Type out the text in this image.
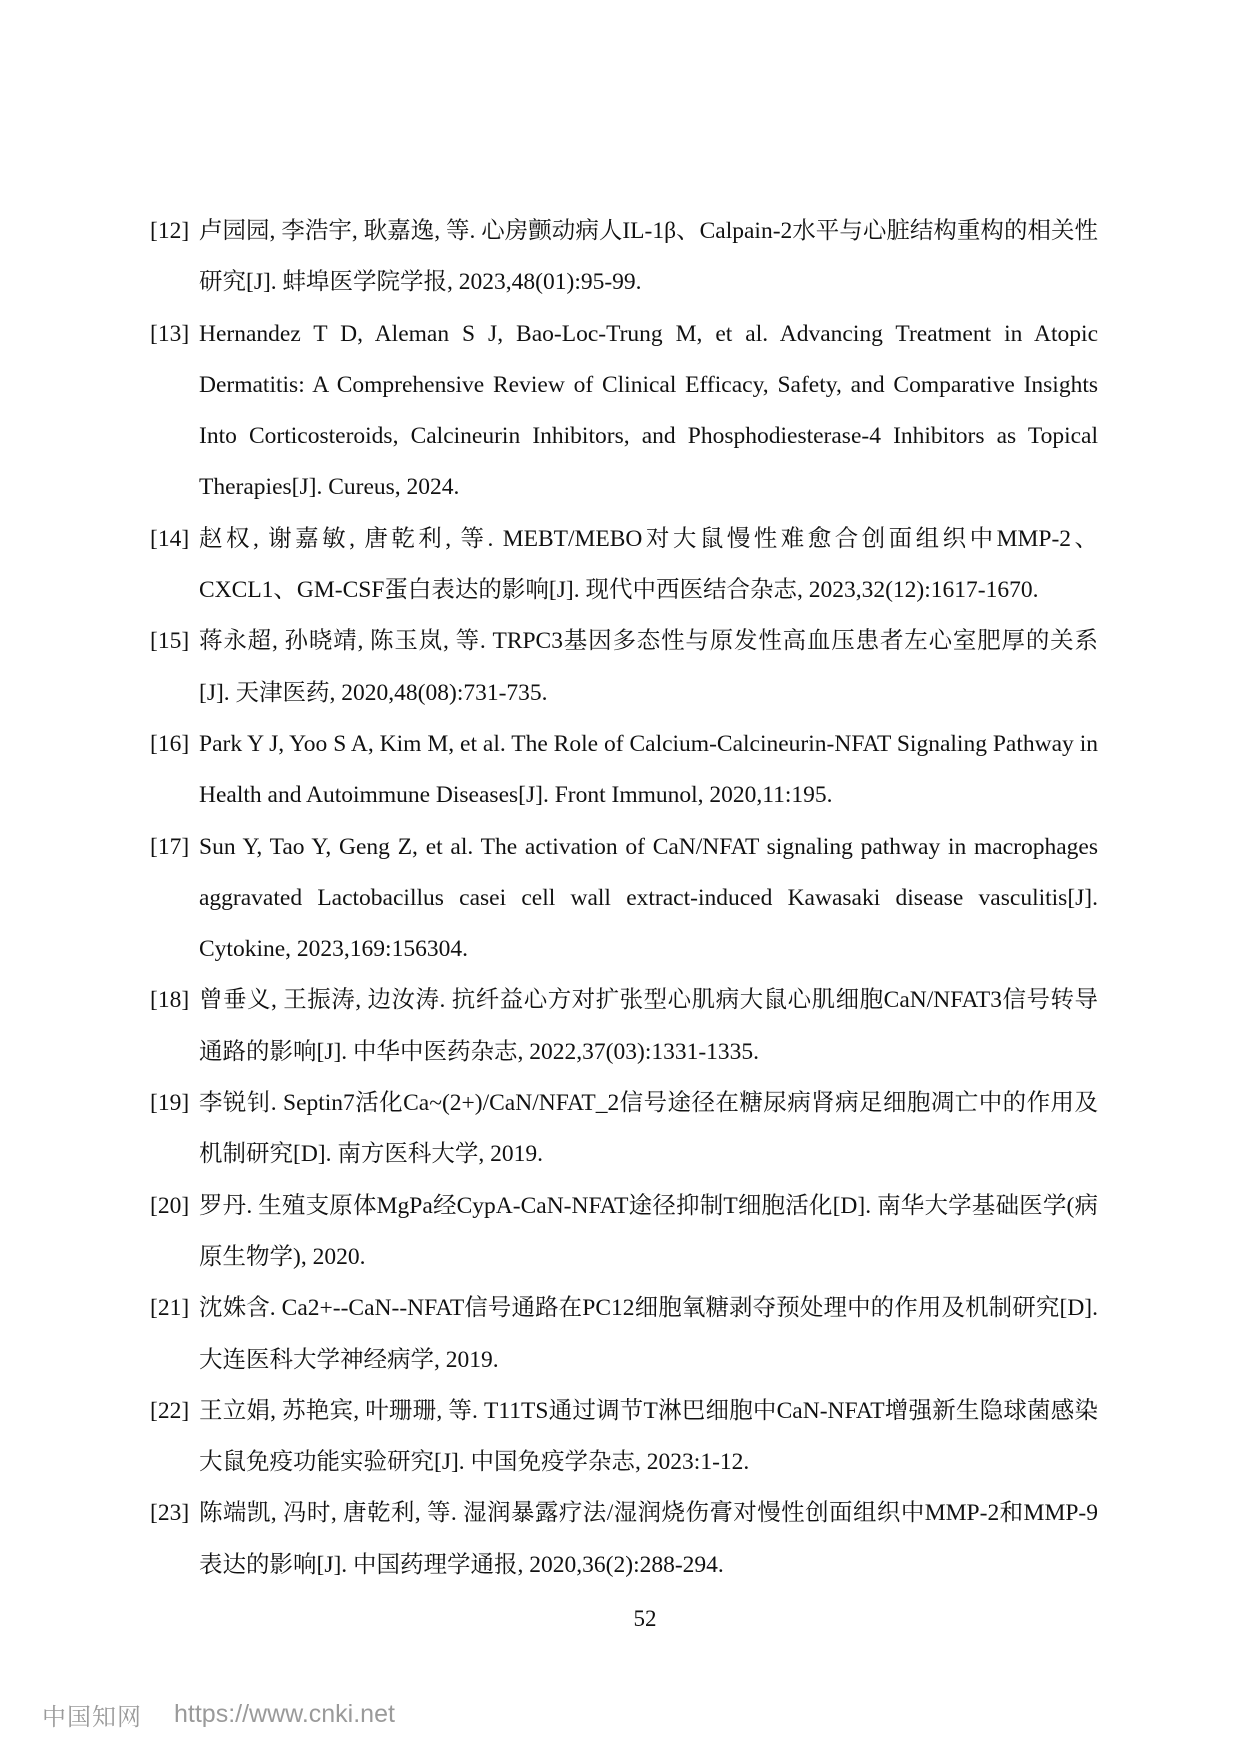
[12] 卢园园, 李浩宇, 耿嘉逸, 等. 心房颤动病人IL-1β、Calpain-2水平与心脏结构重构的相关性研究[J]. 蚌埠医学院学报, 2023,48(01):95-99.
[13] Hernandez T D, Aleman S J, Bao-Loc-Trung M, et al. Advancing Treatment in Atopic Dermatitis: A Comprehensive Review of Clinical Efficacy, Safety, and Comparative Insights Into Corticosteroids, Calcineurin Inhibitors, and Phosphodiesterase-4 Inhibitors as Topical Therapies[J]. Cureus, 2024.
[14] 赵权, 谢嘉敏, 唐乾利, 等. MEBT/MEBO对大鼠慢性难愈合创面组织中MMP-2、CXCL1、GM-CSF蛋白表达的影响[J]. 现代中西医结合杂志, 2023,32(12):1617-1670.
[15] 蒋永超, 孙晓靖, 陈玉岚, 等. TRPC3基因多态性与原发性高血压患者左心室肥厚的关系[J]. 天津医药, 2020,48(08):731-735.
[16] Park Y J, Yoo S A, Kim M, et al. The Role of Calcium-Calcineurin-NFAT Signaling Pathway in Health and Autoimmune Diseases[J]. Front Immunol, 2020,11:195.
[17] Sun Y, Tao Y, Geng Z, et al. The activation of CaN/NFAT signaling pathway in macrophages aggravated Lactobacillus casei cell wall extract-induced Kawasaki disease vasculitis[J]. Cytokine, 2023,169:156304.
[18] 曾垂义, 王振涛, 边汝涛. 抗纤益心方对扩张型心肌病大鼠心肌细胞CaN/NFAT3信号转导通路的影响[J]. 中华中医药杂志, 2022,37(03):1331-1335.
[19] 李锐钊. Septin7活化Ca~(2+)/CaN/NFAT_2信号途径在糖尿病肾病足细胞凋亡中的作用及机制研究[D]. 南方医科大学, 2019.
[20] 罗丹. 生殖支原体MgPa经CypA-CaN-NFAT途径抑制T细胞活化[D]. 南华大学基础医学(病原生物学), 2020.
[21] 沈姝含. Ca2+--CaN--NFAT信号通路在PC12细胞氧糖剥夺预处理中的作用及机制研究[D]. 大连医科大学神经病学, 2019.
[22] 王立娟, 苏艳宾, 叶珊珊, 等. T11TS通过调节T淋巴细胞中CaN-NFAT增强新生隐球菌感染大鼠免疫功能实验研究[J]. 中国免疫学杂志, 2023:1-12.
[23] 陈端凯, 冯时, 唐乾利, 等. 湿润暴露疗法/湿润烧伤膏对慢性创面组织中MMP-2和MMP-9表达的影响[J]. 中国药理学通报, 2020,36(2):288-294.
52
中国知网 https://www.cnki.net
